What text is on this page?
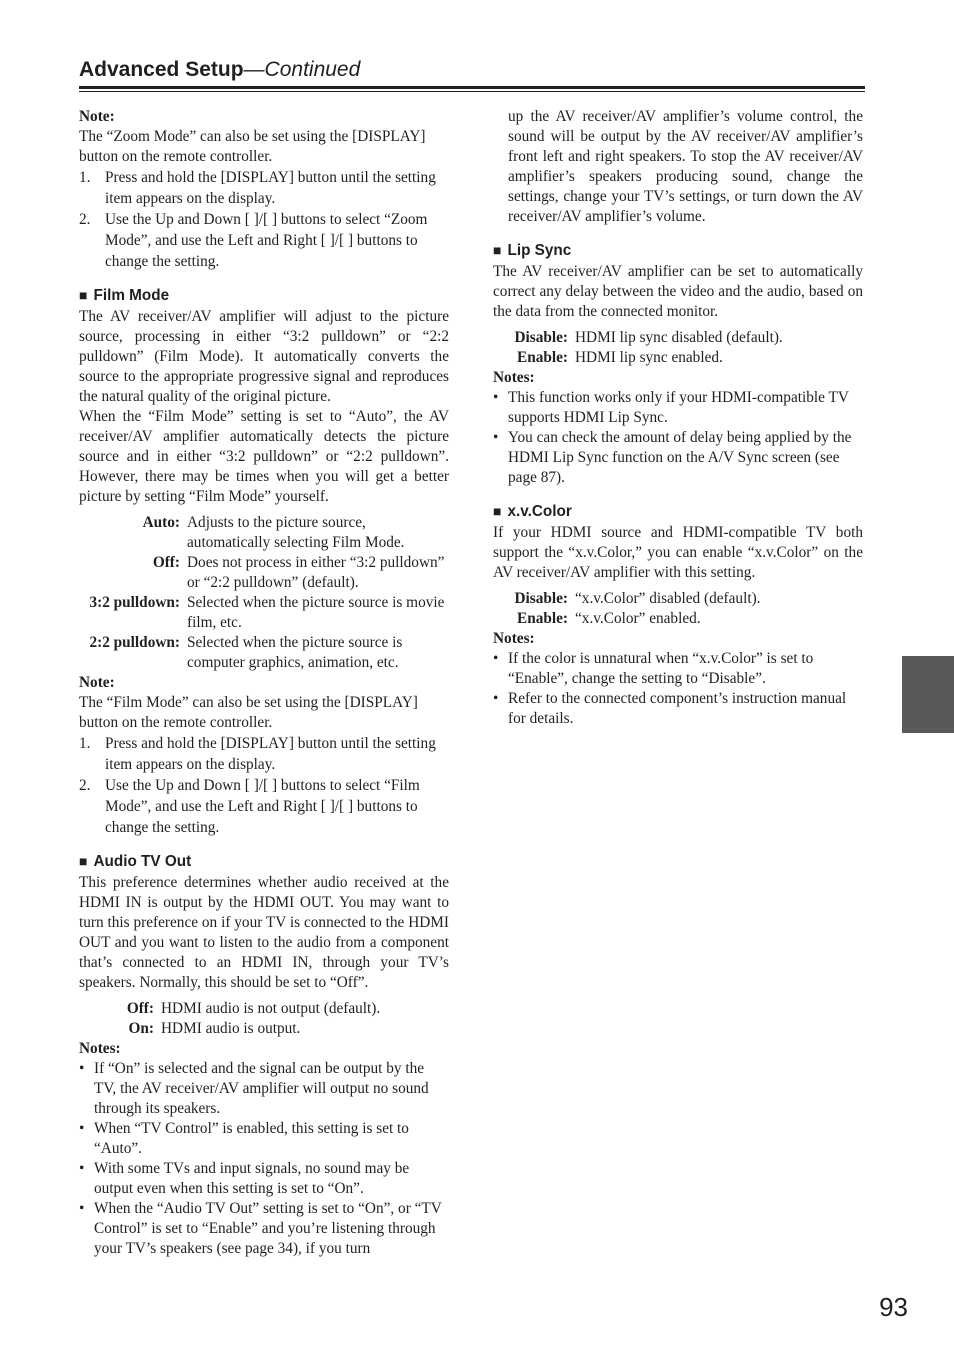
Advanced Setup—Continued

Note:

The “Zoom Mode” can also be set using the [DISPLAY] button on the remote controller.

1. Press and hold the [DISPLAY] button until the setting item appears on the display.
2. Use the Up and Down [ ]/[ ] buttons to select “Zoom Mode”, and use the Left and Right [ ]/[ ] buttons to change the setting.
■ Film Mode

The AV receiver/AV amplifier will adjust to the picture source, processing in either “3:2 pulldown” or “2:2 pulldown” (Film Mode). It automatically converts the source to the appropriate progressive signal and reproduces the natural quality of the original picture.

When the “Film Mode” setting is set to “Auto”, the AV receiver/AV amplifier automatically detects the picture source and in either “3:2 pulldown” or “2:2 pulldown”. However, there may be times when you will get a better picture by setting “Film Mode” yourself.

Auto: Adjusts to the picture source, automatically selecting Film Mode.
Off: Does not process in either “3:2 pulldown” or “2:2 pulldown” (default).
3:2 pulldown: Selected when the picture source is movie film, etc.
2:2 pulldown: Selected when the picture source is computer graphics, animation, etc.

Note:

The “Film Mode” can also be set using the [DISPLAY] button on the remote controller.

1. Press and hold the [DISPLAY] button until the setting item appears on the display.
2. Use the Up and Down [ ]/[ ] buttons to select “Film Mode”, and use the Left and Right [ ]/[ ] buttons to change the setting.
■ Audio TV Out

This preference determines whether audio received at the HDMI IN is output by the HDMI OUT. You may want to turn this preference on if your TV is connected to the HDMI OUT and you want to listen to the audio from a component that’s connected to an HDMI IN, through your TV’s speakers. Normally, this should be set to “Off”.

Off: HDMI audio is not output (default).
On: HDMI audio is output.

Notes:

• If “On” is selected and the signal can be output by the TV, the AV receiver/AV amplifier will output no sound through its speakers.
• When “TV Control” is enabled, this setting is set to “Auto”.
• With some TVs and input signals, no sound may be output even when this setting is set to “On”.
• When the “Audio TV Out” setting is set to “On”, or “TV Control” is set to “Enable” and you’re listening through your TV’s speakers (see page 34), if you turn

up the AV receiver/AV amplifier’s volume control, the sound will be output by the AV receiver/AV amplifier’s front left and right speakers. To stop the AV receiver/AV amplifier’s speakers producing sound, change the settings, change your TV’s settings, or turn down the AV receiver/AV amplifier’s volume.

■ Lip Sync

The AV receiver/AV amplifier can be set to automatically correct any delay between the video and the audio, based on the data from the connected monitor.

Disable: HDMI lip sync disabled (default).
Enable: HDMI lip sync enabled.

Notes:

• This function works only if your HDMI-compatible TV supports HDMI Lip Sync.
• You can check the amount of delay being applied by the HDMI Lip Sync function on the A/V Sync screen (see page 87).
■ x.v.Color

If your HDMI source and HDMI-compatible TV both support the “x.v.Color,” you can enable “x.v.Color” on the AV receiver/AV amplifier with this setting.

Disable: “x.v.Color” disabled (default).
Enable: “x.v.Color” enabled.

Notes:

• If the color is unnatural when “x.v.Color” is set to “Enable”, change the setting to “Disable”.
• Refer to the connected component’s instruction manual for details.
93
